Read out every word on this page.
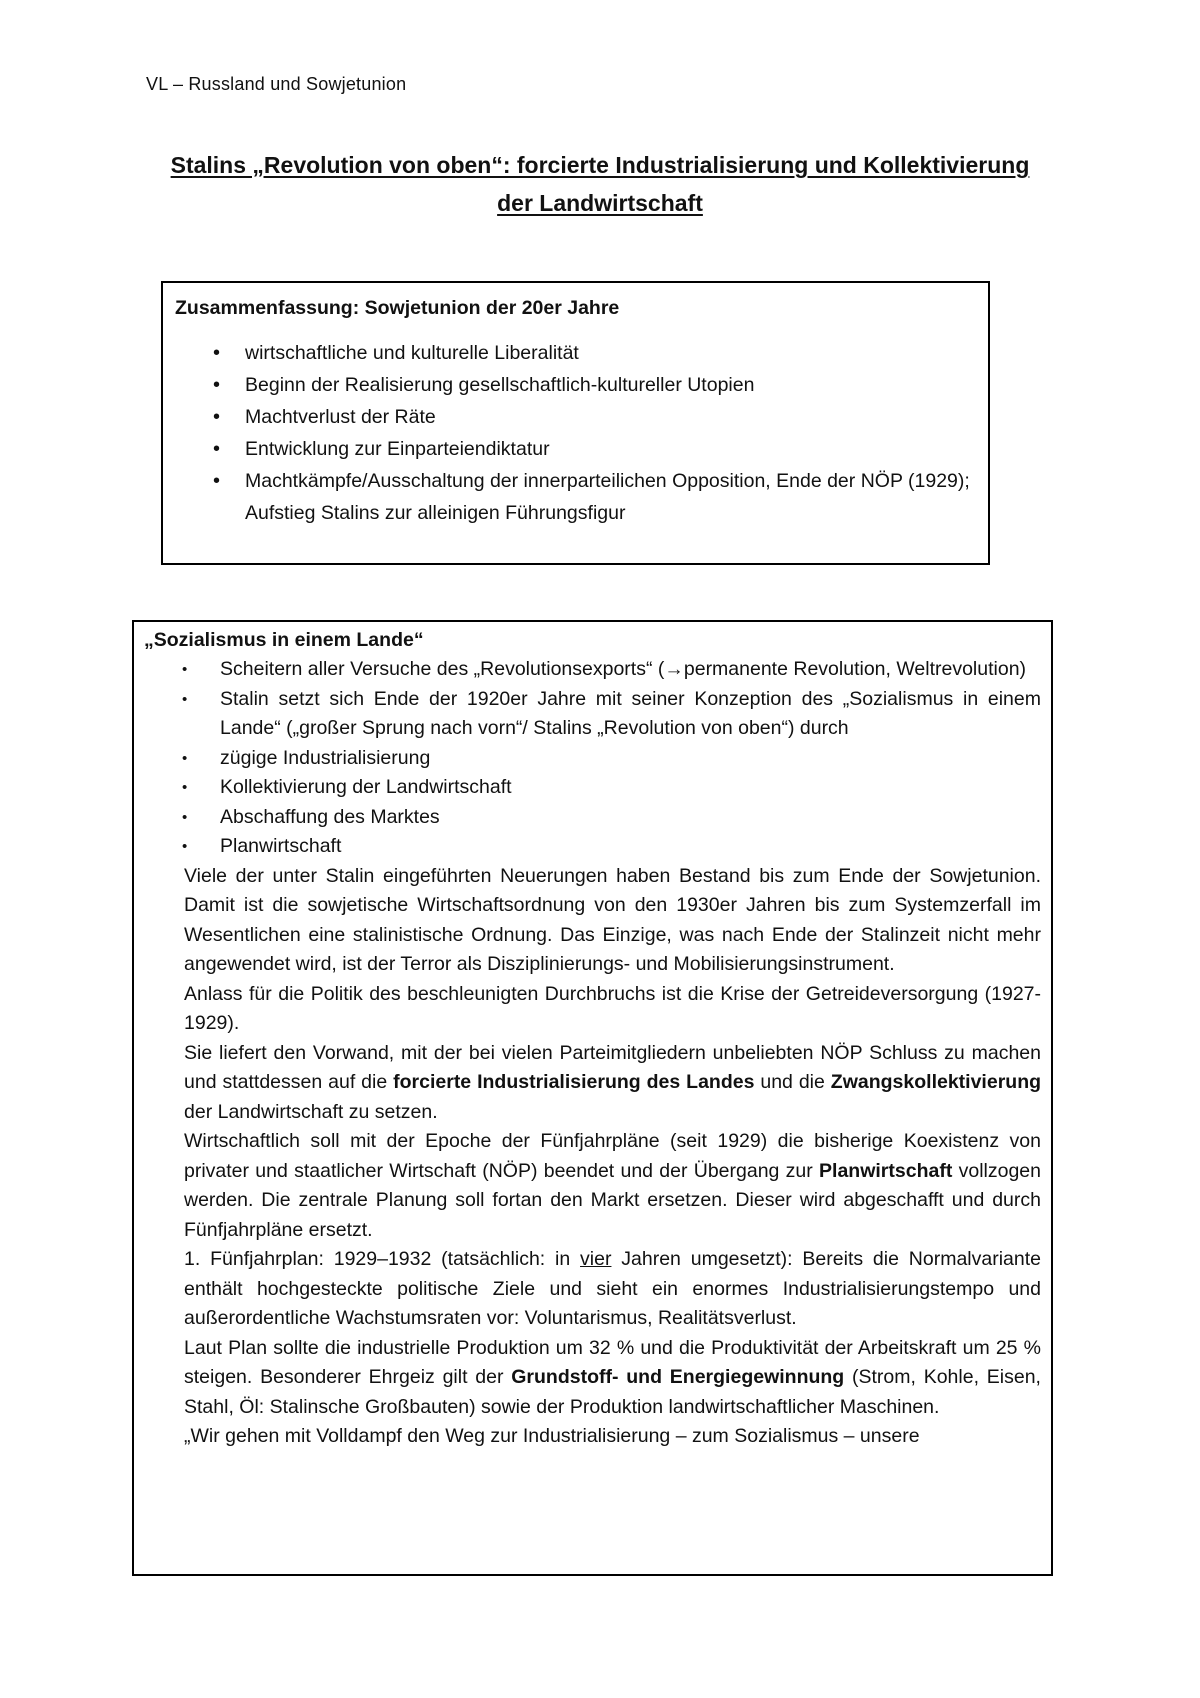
VL – Russland und Sowjetunion
Stalins „Revolution von oben“: forcierte Industrialisierung und Kollektivierung
der Landwirtschaft
Zusammenfassung: Sowjetunion der 20er Jahre
• wirtschaftliche und kulturelle Liberalität
• Beginn der Realisierung gesellschaftlich-kultureller Utopien
• Machtverlust der Räte
• Entwicklung zur Einparteiendiktatur
• Machtkämpfe/Ausschaltung der innerparteilichen Opposition, Ende der NÖP (1929); Aufstieg Stalins zur alleinigen Führungsfigur
„Sozialismus in einem Lande“
• Scheitern aller Versuche des „Revolutionsexports“ (→permanente Revolution, Weltrevolution)
• Stalin setzt sich Ende der 1920er Jahre mit seiner Konzeption des „Sozialismus in einem Lande“ („großer Sprung nach vorn“/ Stalins „Revolution von oben“) durch
• zügige Industrialisierung
• Kollektivierung der Landwirtschaft
• Abschaffung des Marktes
• Planwirtschaft

Viele der unter Stalin eingeführten Neuerungen haben Bestand bis zum Ende der Sowjetunion. Damit ist die sowjetische Wirtschaftsordnung von den 1930er Jahren bis zum Systemzerfall im Wesentlichen eine stalinistische Ordnung. Das Einzige, was nach Ende der Stalinzeit nicht mehr angewendet wird, ist der Terror als Disziplinierungs- und Mobilisierungsinstrument.

Anlass für die Politik des beschleunigten Durchbruchs ist die Krise der Getreideversorgung (1927-1929).

Sie liefert den Vorwand, mit der bei vielen Parteimitgliedern unbeliebten NÖP Schluss zu machen und stattdessen auf die forcierte Industrialisierung des Landes und die Zwangskollektivierung der Landwirtschaft zu setzen.

Wirtschaftlich soll mit der Epoche der Fünfjahrpläne (seit 1929) die bisherige Koexistenz von privater und staatlicher Wirtschaft (NÖP) beendet und der Übergang zur Planwirtschaft vollzogen werden. Die zentrale Planung soll fortan den Markt ersetzen. Dieser wird abgeschafft und durch Fünfjahrpläne ersetzt.

1. Fünfjahrplan: 1929–1932 (tatsächlich: in vier Jahren umgesetzt): Bereits die Normalvariante enthält hochgesteckte politische Ziele und sieht ein enormes Industrialisierungstempo und außerordentliche Wachstumsraten vor: Voluntarismus, Realitätsverlust.

Laut Plan sollte die industrielle Produktion um 32 % und die Produktivität der Arbeitskraft um 25 % steigen. Besonderer Ehrgeiz gilt der Grundstoff- und Energiegewinnung (Strom, Kohle, Eisen, Stahl, Öl: Stalinsche Großbauten) sowie der Produktion landwirtschaftlicher Maschinen.

„Wir gehen mit Volldampf den Weg zur Industrialisierung – zum Sozialismus – unsere
